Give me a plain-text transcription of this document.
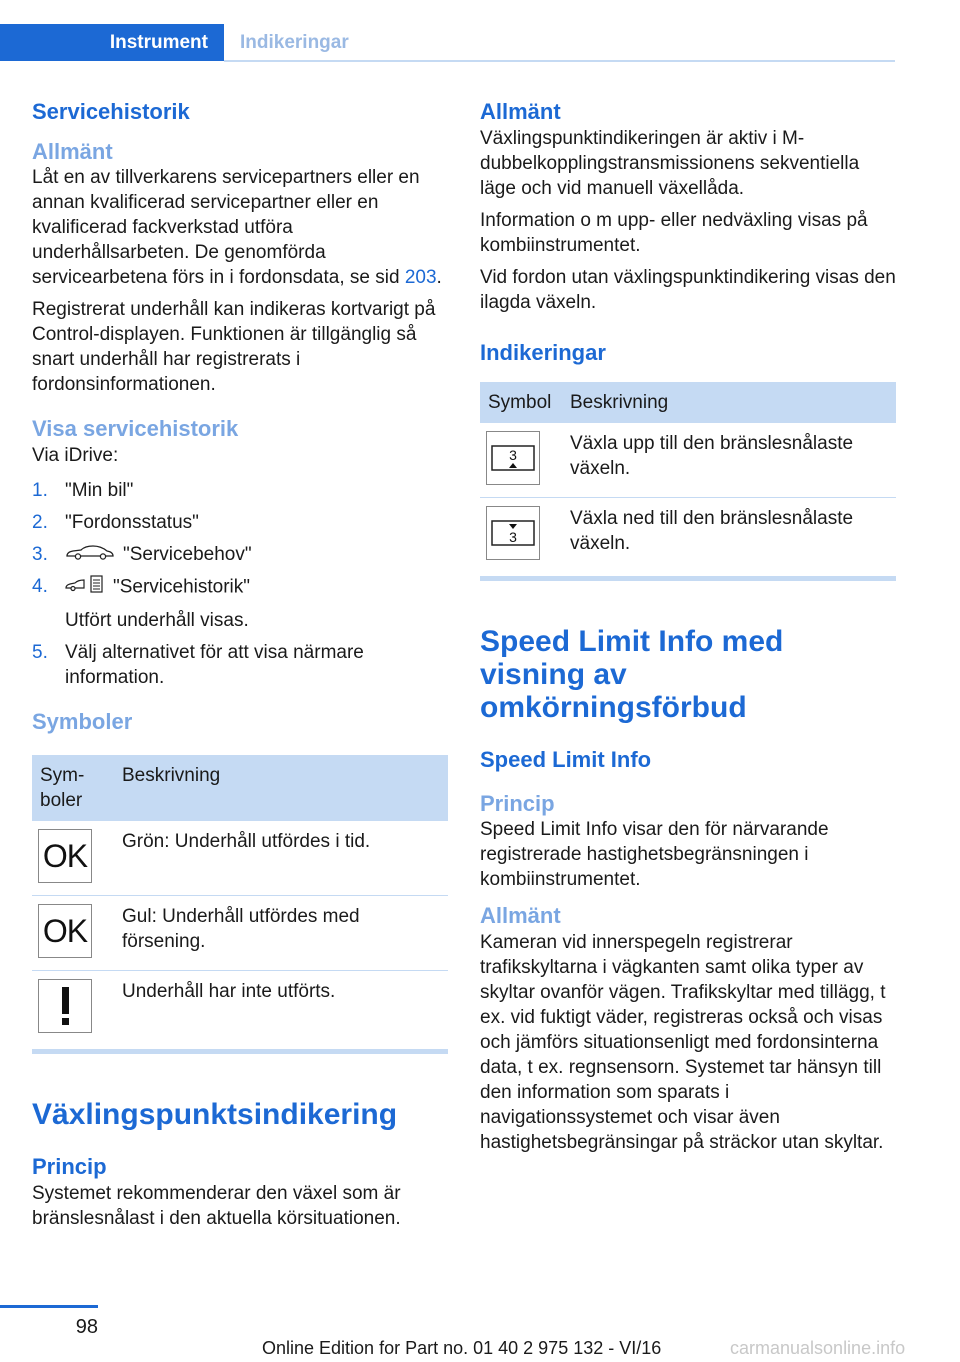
Instrument	Indikeringar
Servicehistorik
Allmänt

Låt en av tillverkarens servicepartners eller en annan kvalificerad servicepartner eller en kvalificerad fackverkstad utföra underhållsarbeten. De genomförda servicearbetena förs in i fordonsdata, se sid 203.

Registrerat underhåll kan indikeras kortvarigt på Control-displayen. Funktionen är tillgänglig så snart underhåll har registrerats i fordonsinformationen.

Visa servicehistorik

Via iDrive:

1. "Min bil"
2. "Fordonsstatus"
3.	"Servicebehov"
4.	"Servicehistorik"
Utfört underhåll visas.
5. Välj alternativet för att visa närmare information.
Symboler
Sym-
boler	Beskrivning

OK	Grön: Underhåll utfördes i tid.

OK	Gul: Underhåll utfördes med försening.

	Underhåll har inte utförts.
Växlingspunktsindikering
Princip

Systemet rekommenderar den växel som är bränslesnålast i den aktuella körsituationen.

Allmänt

Växlingspunktindikeringen är aktiv i M-dubbelkopplingstransmissionens sekventiella läge och vid manuell växellåda.

Information o m upp- eller nedväxling visas på kombiinstrumentet.

Vid fordon utan växlingspunktindikering visas den ilagda växeln.

Indikeringar
Symbol	Beskrivning

3	Växla upp till den bränslesnålaste växeln.

3	Växla ned till den bränslesnålaste växeln.
Speed Limit Info med visning av omkörningsförbud
Speed Limit Info
Princip

Speed Limit Info visar den för närvarande registrerade hastighetsbegränsningen i kombiinstrumentet.

Allmänt

Kameran vid innerspegeln registrerar trafikskyltarna i vägkanten samt olika typer av skyltar ovanför vägen. Trafikskyltar med tillägg, t ex. vid fuktigt väder, registreras också och visas och jämförs situationsenligt med fordonsinterna data, t ex. regnsensorn. Systemet tar hänsyn till den information som sparats i navigationssystemet och visar även hastighetsbegränsingar på sträckor utan skyltar.

98
Online Edition for Part no. 01 40 2 975 132 - VI/16	carmanualsonline.info
